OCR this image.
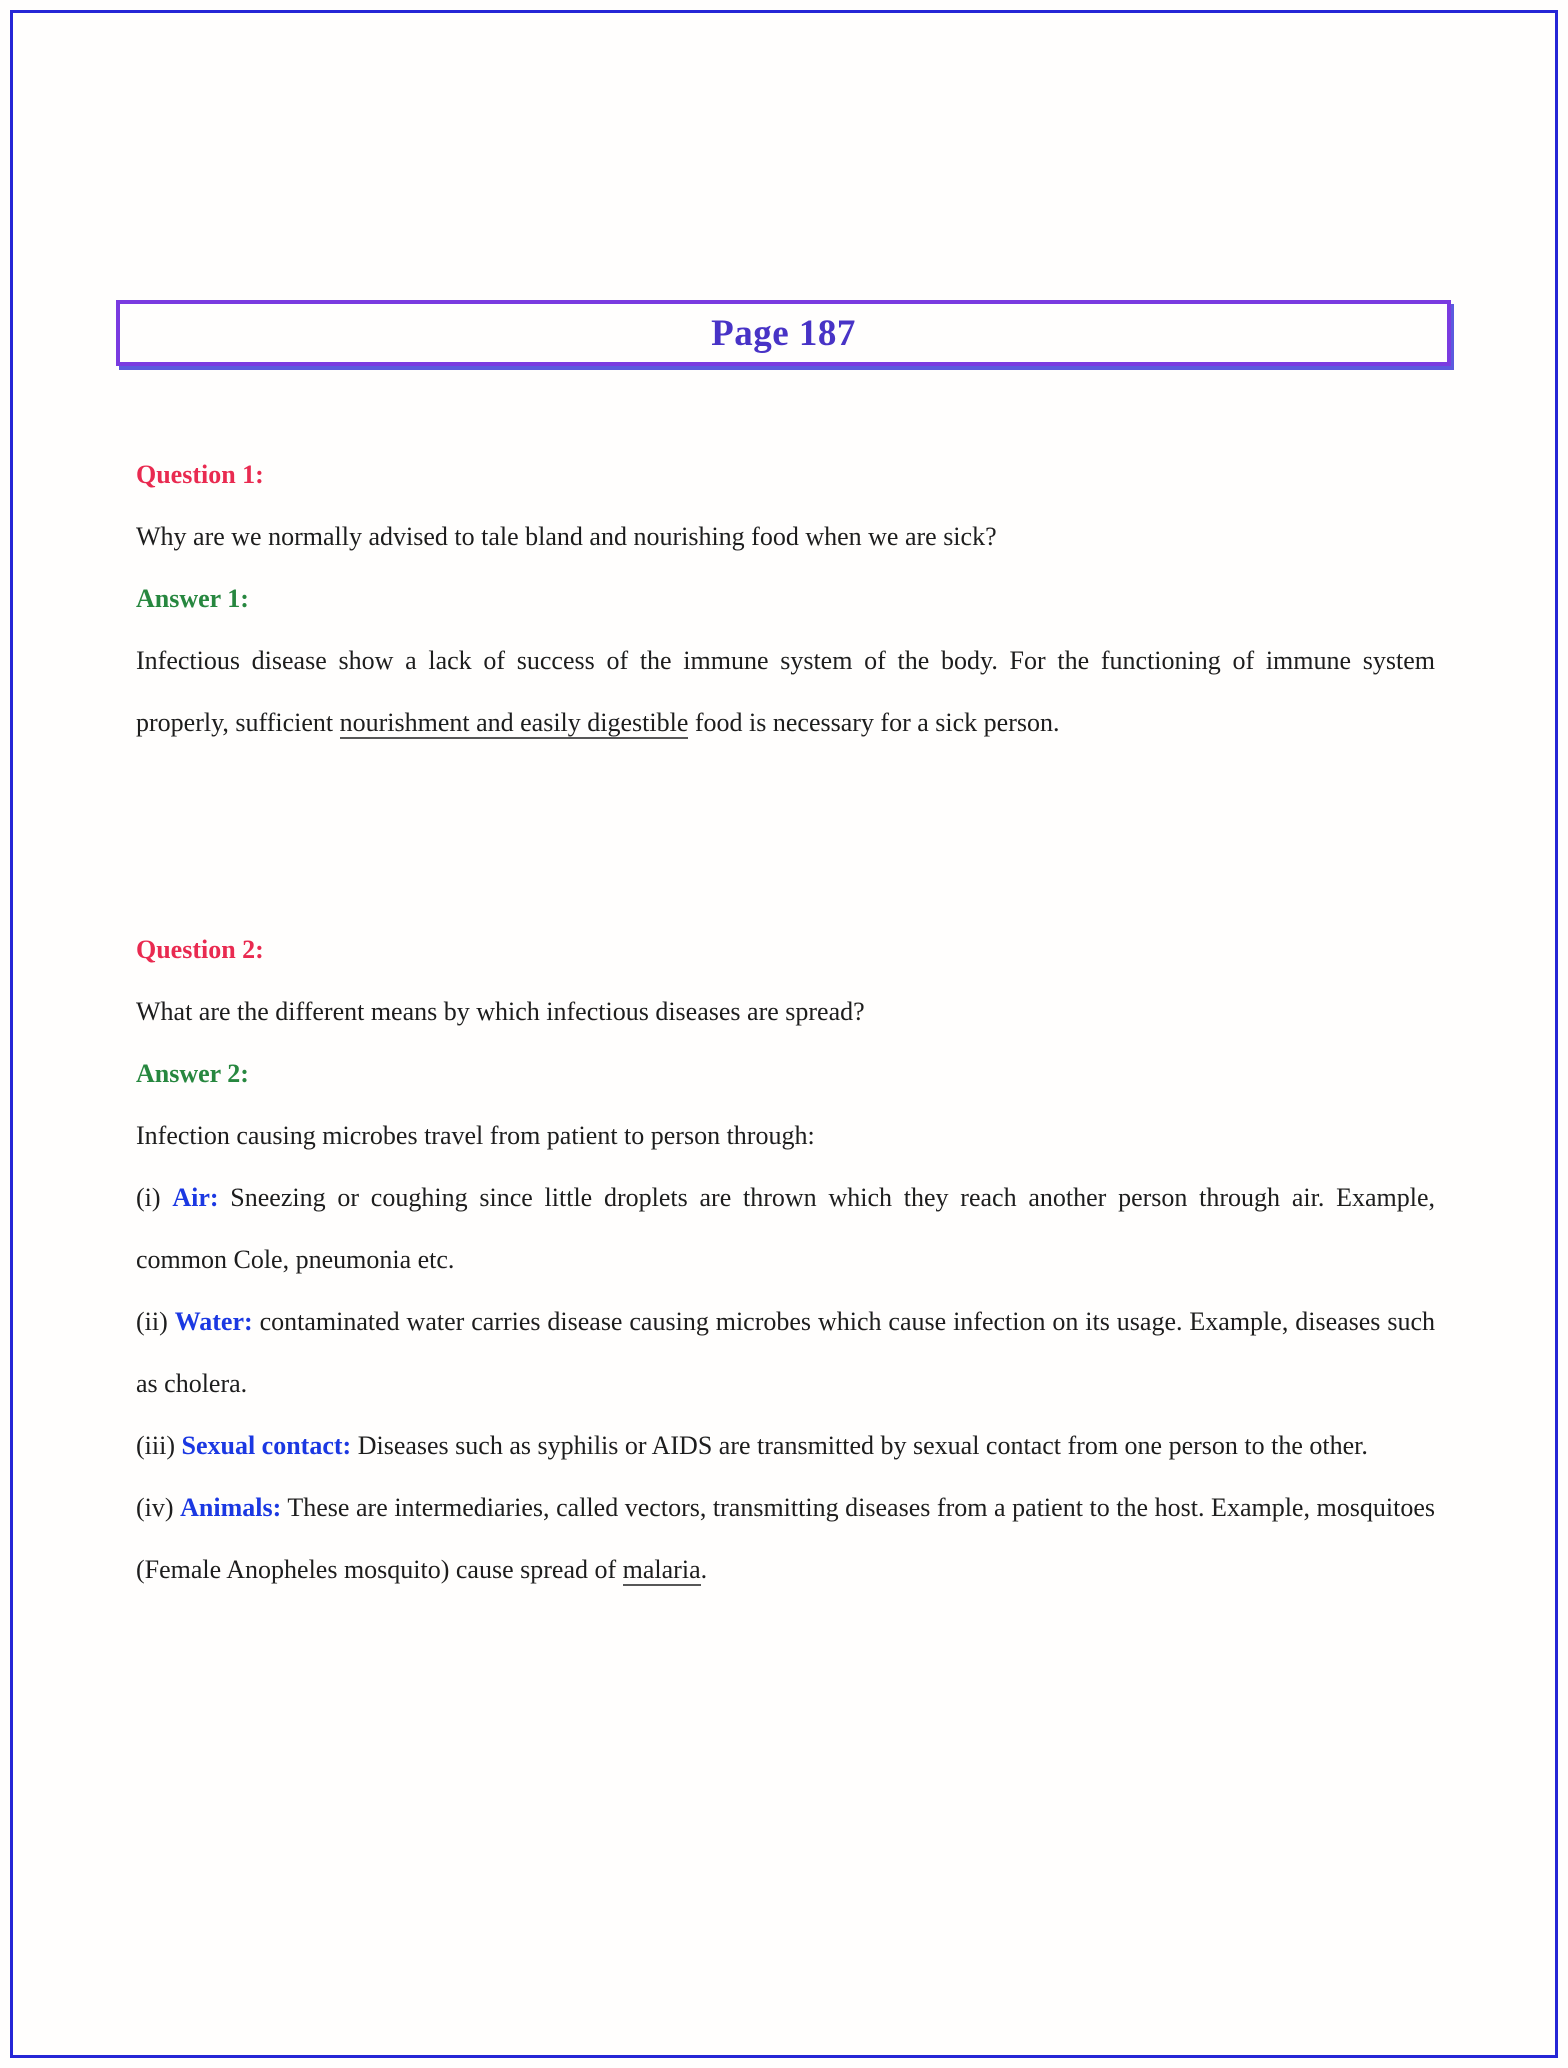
Page 187

Question 1:

Why are we normally advised to tale bland and nourishing food when we are sick?

Answer 1:

Infectious disease show a lack of success of the immune system of the body. For the functioning of immune system properly, sufficient nourishment and easily digestible food is necessary for a sick person.

Question 2:

What are the different means by which infectious diseases are spread?

Answer 2:

Infection causing microbes travel from patient to person through:

(i) Air: Sneezing or coughing since little droplets are thrown which they reach another person through air. Example, common Cole, pneumonia etc.

(ii) Water: contaminated water carries disease causing microbes which cause infection on its usage. Example, diseases such as cholera.

(iii) Sexual contact: Diseases such as syphilis or AIDS are transmitted by sexual contact from one person to the other.

(iv) Animals: These are intermediaries, called vectors, transmitting diseases from a patient to the host. Example, mosquitoes (Female Anopheles mosquito) cause spread of malaria.
